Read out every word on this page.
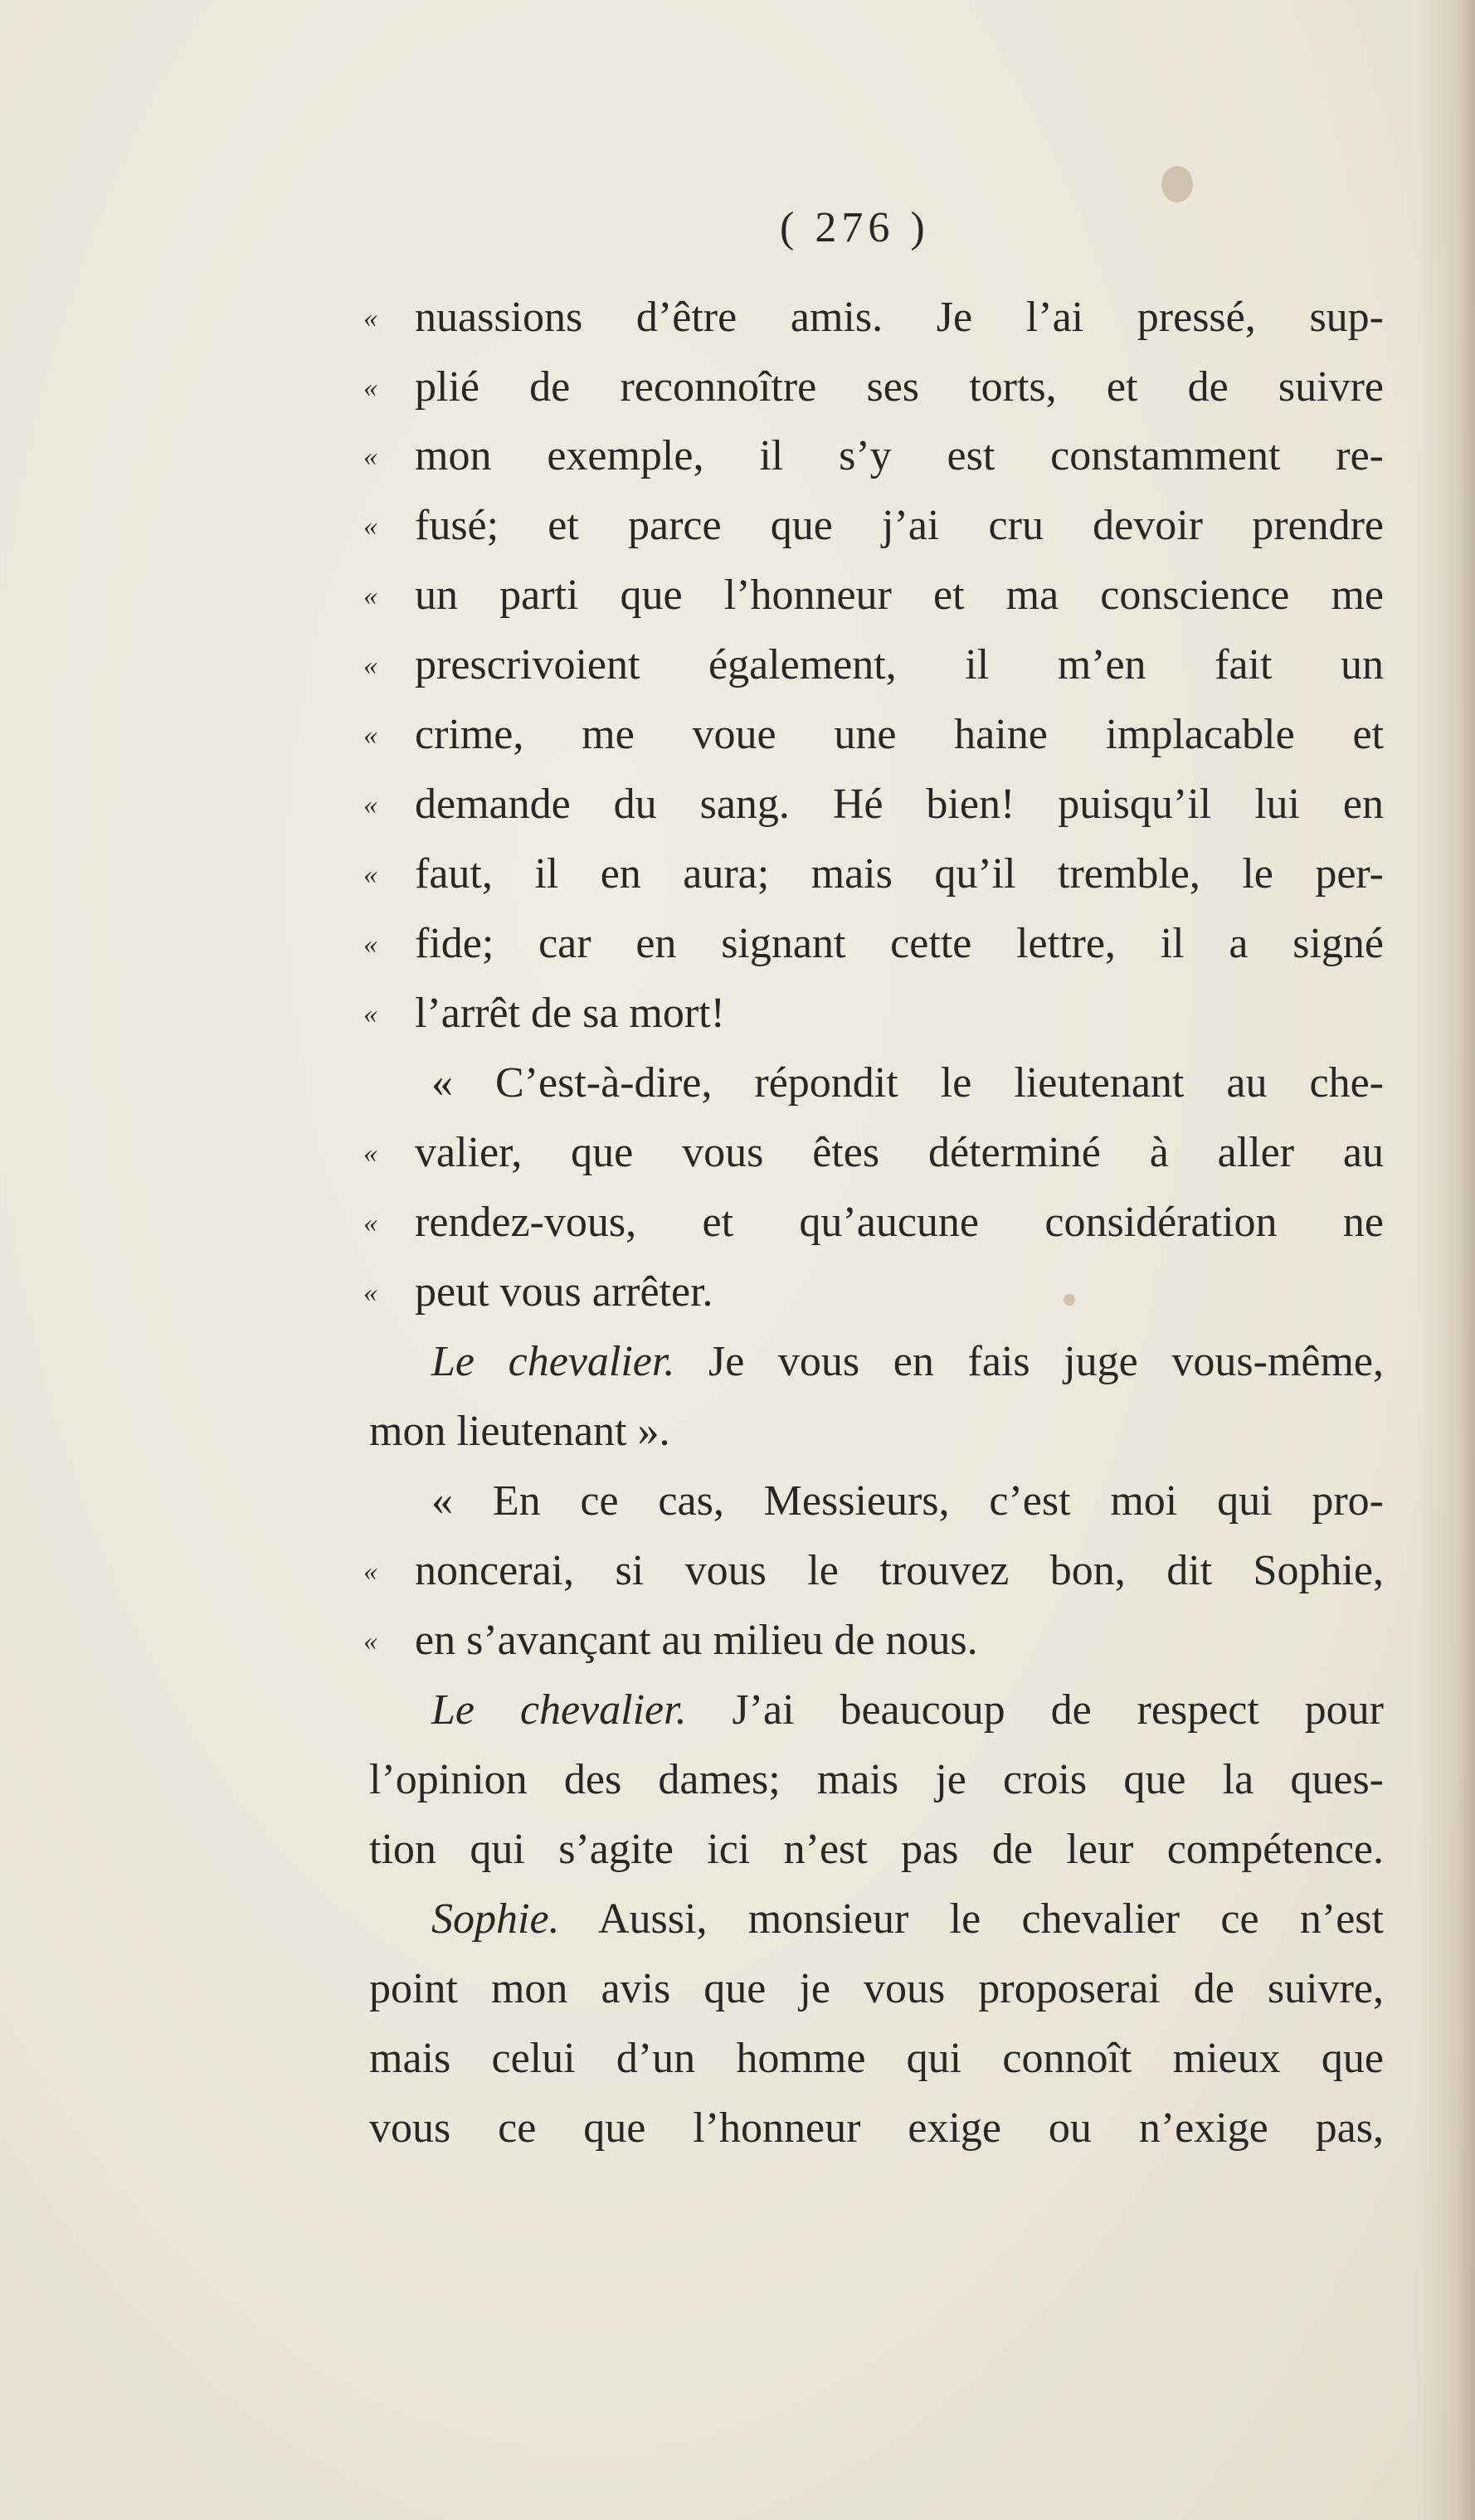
( 276 )
« nuassions d’être amis. Je l’ai pressé, sup-
« plié de reconnoître ses torts, et de suivre
« mon exemple, il s’y est constamment re-
« fusé; et parce que j’ai cru devoir prendre
« un parti que l’honneur et ma conscience me
« prescrivoient également, il m’en fait un
« crime, me voue une haine implacable et
« demande du sang. Hé bien! puisqu’il lui en
« faut, il en aura; mais qu’il tremble, le per-
« fide; car en signant cette lettre, il a signé
« l’arrêt de sa mort!
« C’est-à-dire, répondit le lieutenant au che-
« valier, que vous êtes déterminé à aller au
« rendez-vous, et qu’aucune considération ne
« peut vous arrêter.
Le chevalier. Je vous en fais juge vous-même,
mon lieutenant ».
« En ce cas, Messieurs, c’est moi qui pro-
« noncerai, si vous le trouvez bon, dit Sophie,
« en s’avançant au milieu de nous.
Le chevalier. J’ai beaucoup de respect pour
l’opinion des dames; mais je crois que la ques-
tion qui s’agite ici n’est pas de leur compétence.
Sophie. Aussi, monsieur le chevalier ce n’est
point mon avis que je vous proposerai de suivre,
mais celui d’un homme qui connoît mieux que
vous ce que l’honneur exige ou n’exige pas,
